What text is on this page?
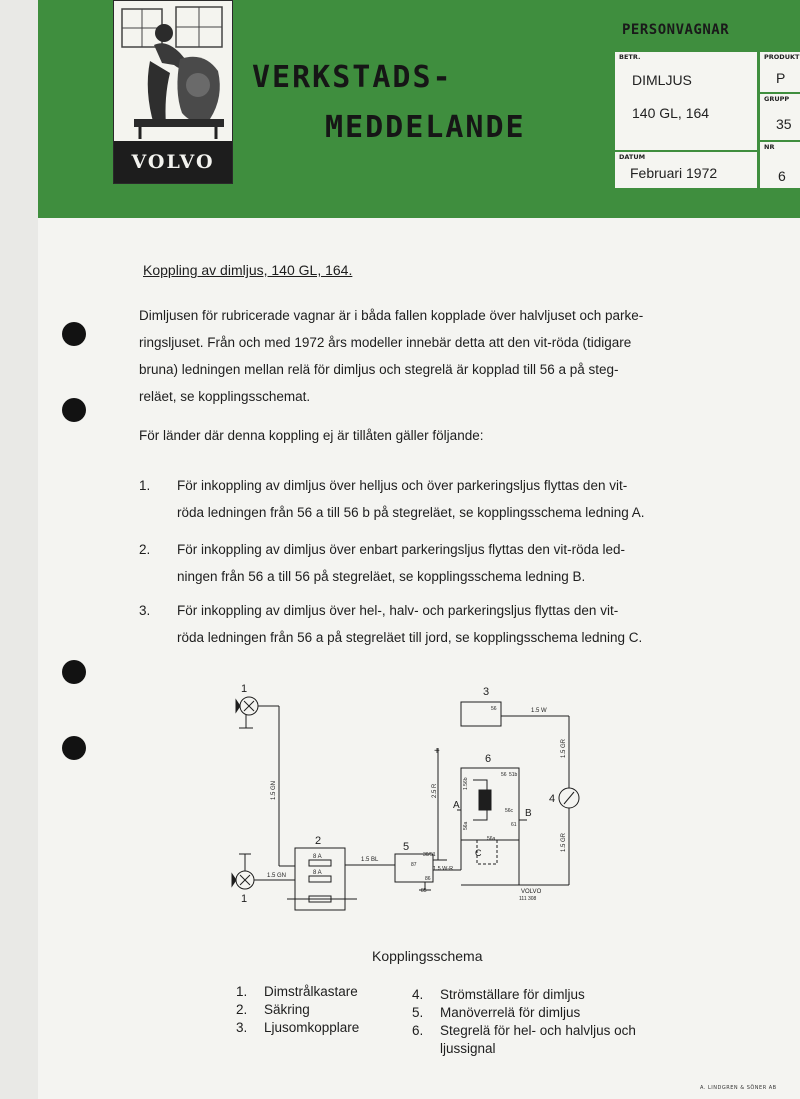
VOLVO
VERKSTADS-
MEDDELANDE
PERSONVAGNAR
BETR.
DIMLJUS
140 GL, 164
DATUM
Februari 1972
PRODUKT
P
GRUPP
35
NR
6
Koppling av dimljus, 140 GL, 164.
Dimljusen för rubricerade vagnar är i båda fallen kopplade över halvljuset och parke-
ringsljuset. Från och med 1972 års modeller innebär detta att den vit-röda (tidigare
bruna) ledningen mellan relä för dimljus och stegrelä är kopplad till 56 a på steg-
reläet, se kopplingsschemat.
För länder där denna koppling ej är tillåten gäller följande:
1.	För inkoppling av dimljus över helljus och över parkeringsljus flyttas den vit-
röda ledningen från 56 a till 56 b på stegreläet, se kopplingsschema ledning A.
2.	För inkoppling av dimljus över enbart parkeringsljus flyttas den vit-röda led-
ningen från 56 a till 56 på stegreläet, se kopplingsschema ledning B.
3.	För inkoppling av dimljus över hel-, halv- och parkeringsljus flyttas den vit-
röda ledningen från 56 a på stegreläet till jord, se kopplingsschema ledning C.
1
1.5 GN
1
1.5 GN
2
8 A
8 A
1.5 BL
5
87
30/51
85
86
+
2.5 R
1.5 W-R
3
56	1.5 W
1.5 GR
4
1.5 GR
6
1.56b
56 51b
56a
56c
61
56a
A
B
C
VOLVO
111 308
Kopplingsschema
1. Dimstrålkastare
2. Säkring
3. Ljusomkopplare
4. Strömställare för dimljus
5. Manöverrelä för dimljus
6. Stegrelä för hel- och halvljus och
ljussignal
A. LINDGREN & SÖNER AB
